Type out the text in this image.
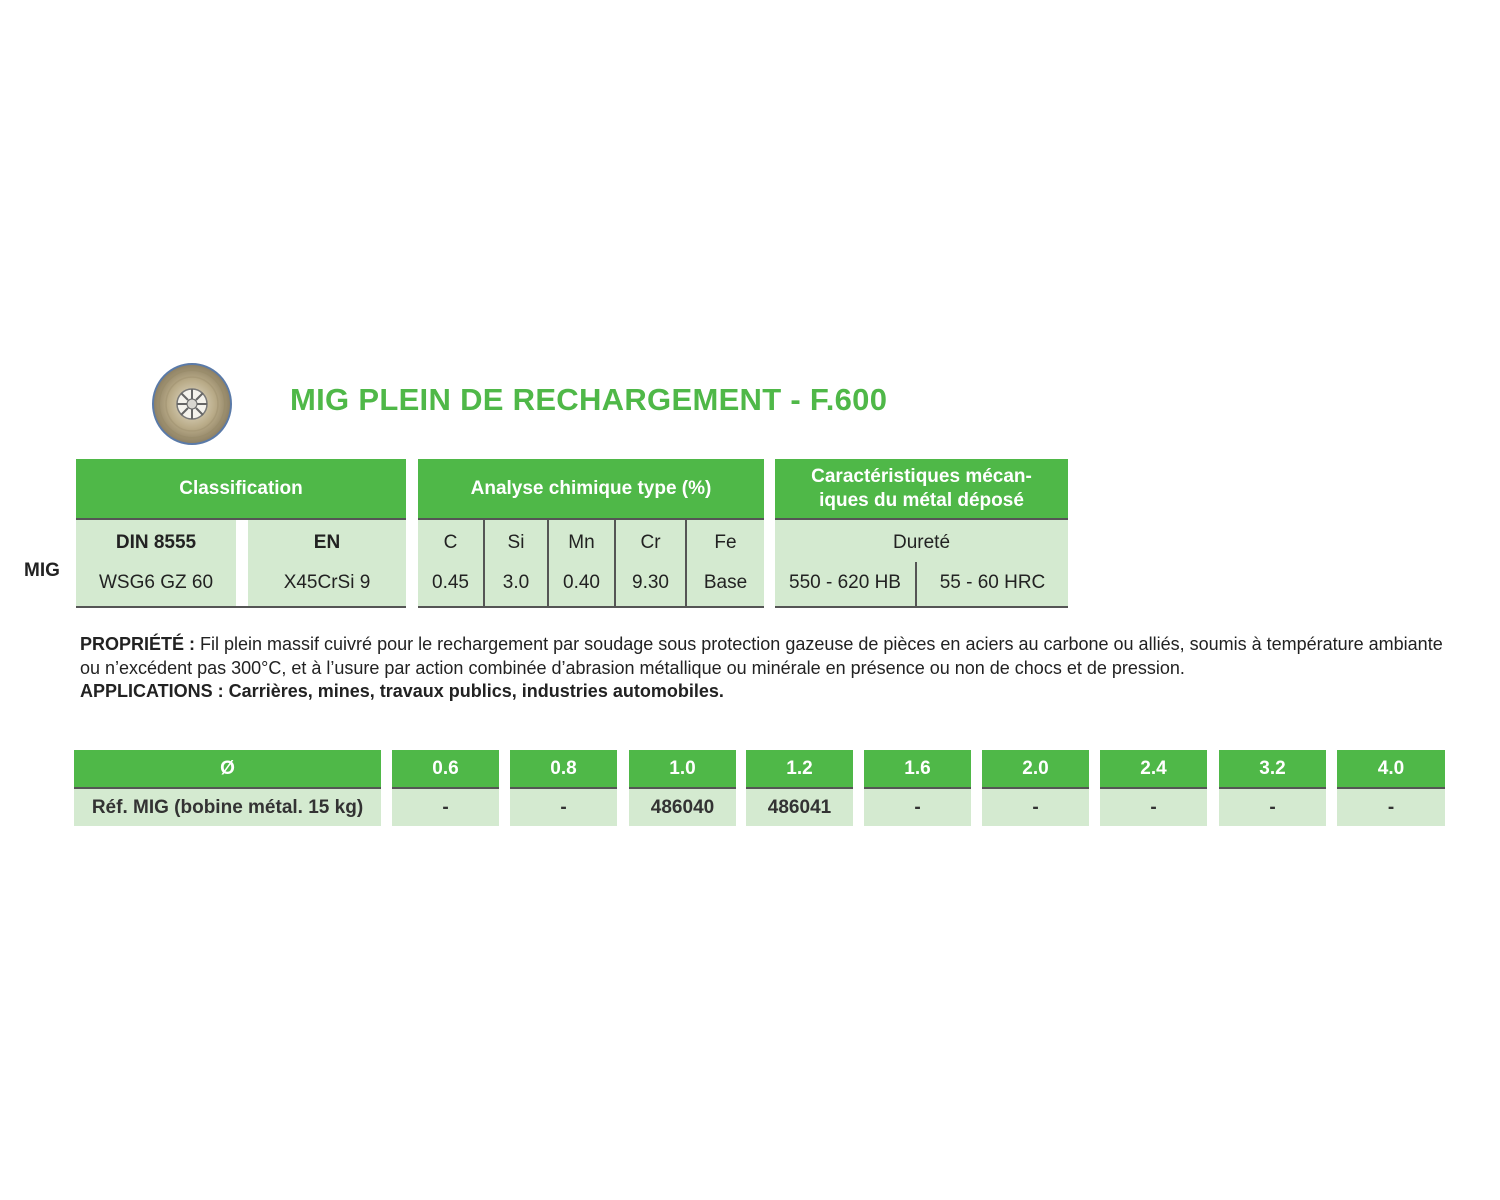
MIG PLEIN DE RECHARGEMENT - F.600
MIG
Classification	Analyse chimique type (%)
Caractéristiques mécan-
iques du métal déposé
DIN 8555
WSG6 GZ 60
EN
X45CrSi 9
C
0.45
Si
3.0
Mn
0.40
Cr
9.30
Fe
Base
Dureté
550 - 620 HB	55 - 60 HRC
PROPRIÉTÉ : Fil plein massif cuivré pour le rechargement par soudage sous protection gazeuse de pièces en aciers au carbone ou alliés, soumis à température ambiante ou n’excédent pas 300°C, et à l’usure par action combinée d’abrasion métallique ou minérale en présence ou non de chocs et de pression.
APPLICATIONS : Carrières, mines, travaux publics, industries automobiles.
Ø
Réf. MIG (bobine métal. 15 kg)
0.6
-
0.8
-
1.0
486040
1.2
486041
1.6
-
2.0
-
2.4
-
3.2
-
4.0
-
